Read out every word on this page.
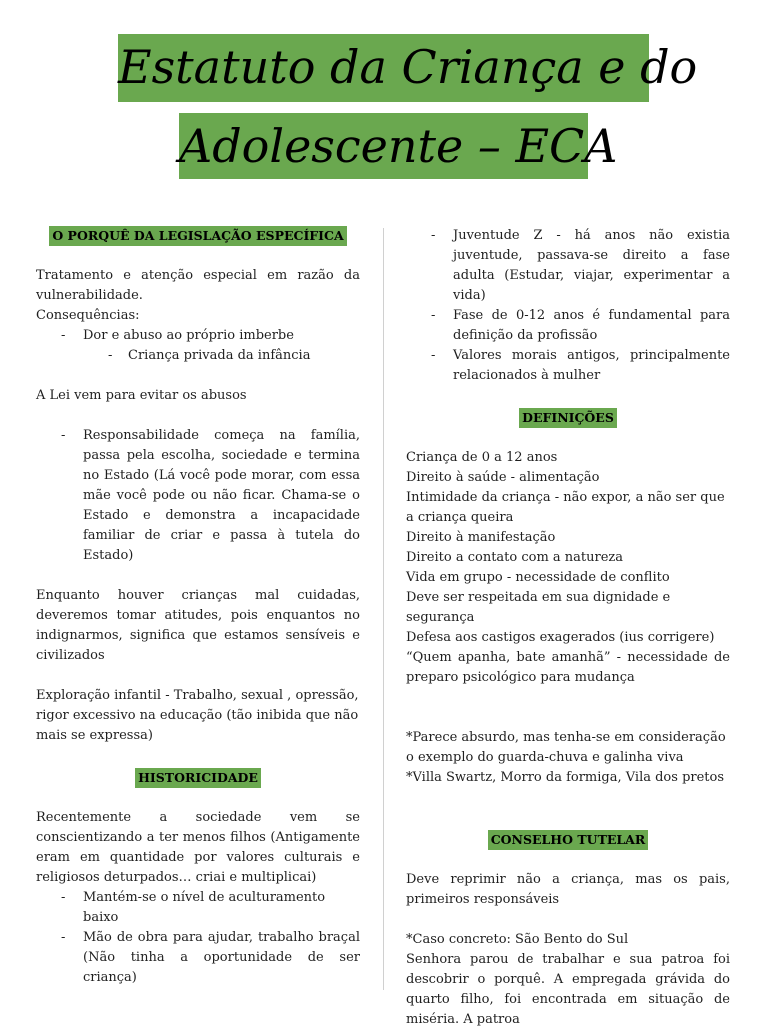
Estatuto da Criança e do
Adolescente – ECA
O PORQUÊ DA LEGISLAÇÃO ESPECÍFICA

Tratamento e atenção especial em razão da vulnerabilidade.

Consequências:

- Dor e abuso ao próprio imberbe
- Criança privada da infância

A Lei vem para evitar os abusos

- Responsabilidade começa na família, passa pela escolha, sociedade e termina no Estado (Lá você pode morar, com essa mãe você pode ou não ficar. Chama-se o Estado e demonstra a incapacidade familiar de criar e passa à tutela do Estado)

Enquanto houver crianças mal cuidadas, deveremos tomar atitudes, pois enquantos no indignarmos, significa que estamos sensíveis e civilizados

Exploração infantil - Trabalho, sexual , opressão, rigor excessivo na educação (tão inibida que não mais se expressa)

HISTORICIDADE

Recentemente a sociedade vem se conscientizando a ter menos filhos (Antigamente eram em quantidade por valores culturais e religiosos deturpados… criai e multiplicai)

- Mantém-se o nível de aculturamento baixo
- Mão de obra para ajudar, trabalho braçal (Não tinha a oportunidade de ser criança)
- Juventude Z - há anos não existia juventude, passava-se direito a fase adulta (Estudar, viajar, experimentar a vida)
- Fase de 0-12 anos é fundamental para definição da profissão
- Valores morais antigos, principalmente relacionados à mulher
DEFINIÇÕES

Criança de 0 a 12 anos

Direito à saúde - alimentação

Intimidade da criança - não expor, a não ser que a criança queira

Direito à manifestação

Direito a contato com a natureza

Vida em grupo - necessidade de conflito

Deve ser respeitada em sua dignidade e segurança

Defesa aos castigos exagerados (ius corrigere)

“Quem apanha, bate amanhã” - necessidade de preparo psicológico para mudança

*Parece absurdo, mas tenha-se em consideração o exemplo do guarda-chuva e galinha viva

*Villa Swartz, Morro da formiga, Vila dos pretos

CONSELHO TUTELAR

Deve reprimir não a criança, mas os pais, primeiros responsáveis

*Caso concreto: São Bento do Sul

Senhora parou de trabalhar e sua patroa foi descobrir o porquê. A empregada grávida do quarto filho, foi encontrada em situação de miséria. A patroa
